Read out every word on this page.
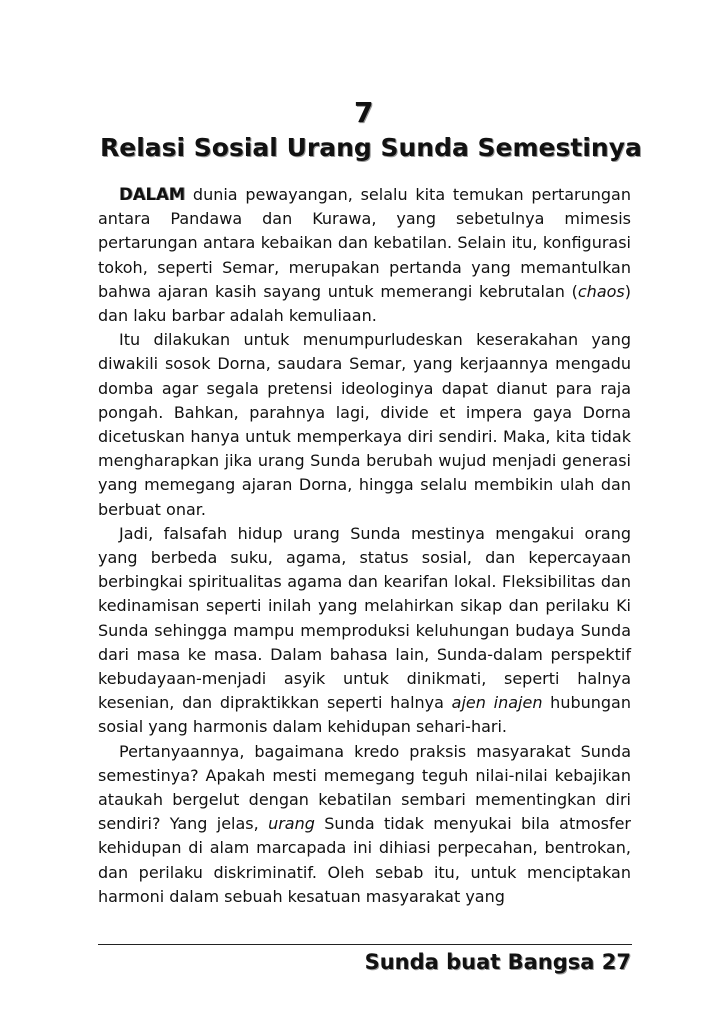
7
Relasi Sosial Urang Sunda Semestinya

DALAM dunia pewayangan, selalu kita temukan pertarungan antara Pandawa dan Kurawa, yang sebetulnya mimesis pertarungan antara kebaikan dan kebatilan. Selain itu, konfigurasi tokoh, seperti Semar, merupakan pertanda yang memantulkan bahwa ajaran kasih sayang untuk memerangi kebrutalan (chaos) dan laku barbar adalah kemuliaan.

Itu dilakukan untuk menumpurludeskan keserakahan yang diwakili sosok Dorna, saudara Semar, yang kerjaannya mengadu domba agar segala pretensi ideologinya dapat dianut para raja pongah. Bahkan, parahnya lagi, divide et impera gaya Dorna dicetuskan hanya untuk memperkaya diri sendiri. Maka, kita tidak mengharapkan jika urang Sunda berubah wujud menjadi generasi yang memegang ajaran Dorna, hingga selalu membikin ulah dan berbuat onar.

Jadi, falsafah hidup urang Sunda mestinya mengakui orang yang berbeda suku, agama, status sosial, dan kepercayaan berbingkai spiritualitas agama dan kearifan lokal. Fleksibilitas dan kedinamisan seperti inilah yang melahirkan sikap dan perilaku Ki Sunda sehingga mampu memproduksi keluhungan budaya Sunda dari masa ke masa. Dalam bahasa lain, Sunda-dalam perspektif kebudayaan-menjadi asyik untuk dinikmati, seperti halnya kesenian, dan dipraktikkan seperti halnya ajen inajen hubungan sosial yang harmonis dalam kehidupan sehari-hari.

Pertanyaannya, bagaimana kredo praksis masyarakat Sunda semestinya? Apakah mesti memegang teguh nilai-nilai kebajikan ataukah bergelut dengan kebatilan sembari mementingkan diri sendiri? Yang jelas, urang Sunda tidak menyukai bila atmosfer kehidupan di alam marcapada ini dihiasi perpecahan, bentrokan, dan perilaku diskriminatif. Oleh sebab itu, untuk menciptakan harmoni dalam sebuah kesatuan masyarakat yang

Sunda buat Bangsa 27
